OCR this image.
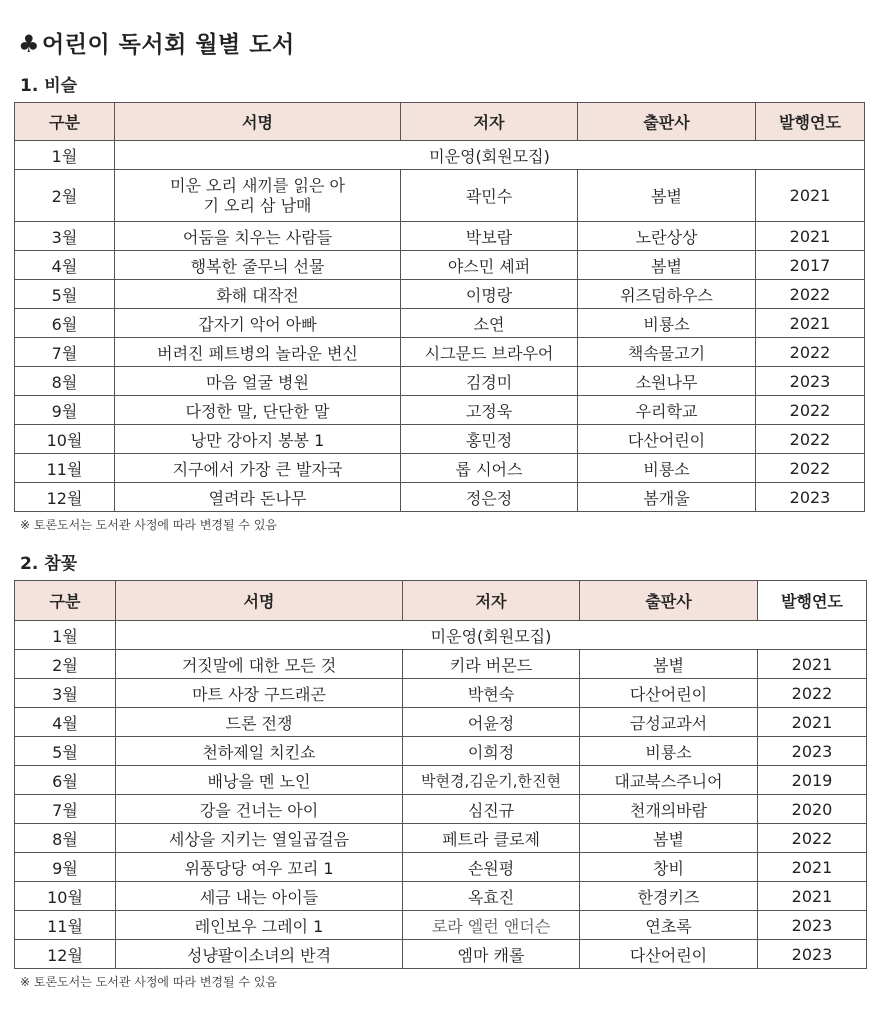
♣어린이 독서회 월별 도서
1. 비슬
구분	서명	저자	출판사	발행연도
1월	미운영(회원모집)			
2월	미운 오리 새끼를 읽은 아기 오리 삼 남매	곽민수	봄볕	2021
3월	어둠을 치우는 사람들	박보람	노란상상	2021
4월	행복한 줄무늬 선물	야스민 셰퍼	봄볕	2017
5월	화해 대작전	이명랑	위즈덤하우스	2022
6월	갑자기 악어 아빠	소연	비룡소	2021
7월	버려진 페트병의 놀라운 변신	시그문드 브라우어	책속물고기	2022
8월	마음 얼굴 병원	김경미	소원나무	2023
9월	다정한 말, 단단한 말	고정욱	우리학교	2022
10월	낭만 강아지 봉봉 1	홍민정	다산어린이	2022
11월	지구에서 가장 큰 발자국	롭 시어스	비룡소	2022
12월	열려라 돈나무	정은정	봄개울	2023
※ 토론도서는 도서관 사정에 따라 변경될 수 있음
2. 참꽃
구분	서명	저자	출판사	발행연도
1월	미운영(회원모집)			
2월	거짓말에 대한 모든 것	키라 버몬드	봄볕	2021
3월	마트 사장 구드래곤	박현숙	다산어린이	2022
4월	드론 전쟁	어윤정	금성교과서	2021
5월	천하제일 치킨쇼	이희정	비룡소	2023
6월	배낭을 멘 노인	박현경,김운기,한진현	대교북스주니어	2019
7월	강을 건너는 아이	심진규	천개의바람	2020
8월	세상을 지키는 열일곱걸음	페트라 클로제	봄볕	2022
9월	위풍당당 여우 꼬리 1	손원평	창비	2021
10월	세금 내는 아이들	옥효진	한경키즈	2021
11월	레인보우 그레이 1	로라 엘런 앤더슨	연초록	2023
12월	성냥팔이소녀의 반격	엠마 캐롤	다산어린이	2023
※ 토론도서는 도서관 사정에 따라 변경될 수 있음
